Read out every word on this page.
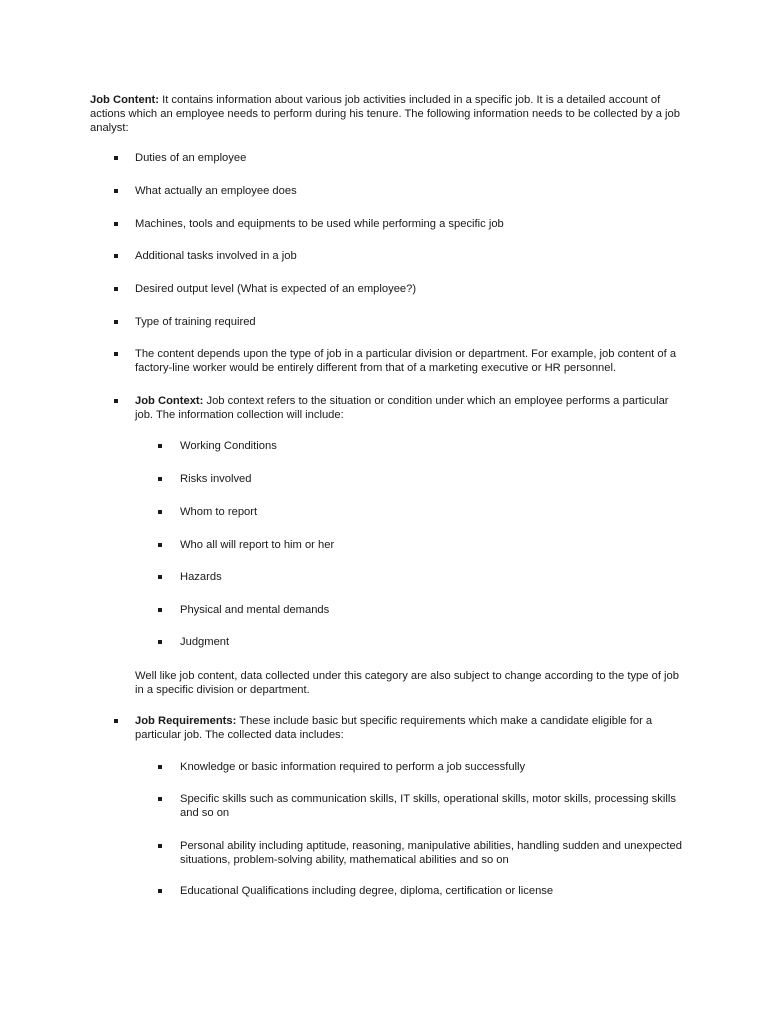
Job Content: It contains information about various job activities included in a specific job. It is a detailed account of actions which an employee needs to perform during his tenure. The following information needs to be collected by a job analyst:

Duties of an employee

What actually an employee does

Machines, tools and equipments to be used while performing a specific job

Additional tasks involved in a job

Desired output level (What is expected of an employee?)

Type of training required

The content depends upon the type of job in a particular division or department. For example, job content of a factory-line worker would be entirely different from that of a marketing executive or HR personnel.

Job Context: Job context refers to the situation or condition under which an employee performs a particular job. The information collection will include:

Working Conditions

Risks involved

Whom to report

Who all will report to him or her

Hazards

Physical and mental demands

Judgment

Well like job content, data collected under this category are also subject to change according to the type of job in a specific division or department.

Job Requirements: These include basic but specific requirements which make a candidate eligible for a particular job. The collected data includes:

Knowledge or basic information required to perform a job successfully

Specific skills such as communication skills, IT skills, operational skills, motor skills, processing skills and so on

Personal ability including aptitude, reasoning, manipulative abilities, handling sudden and unexpected situations, problem-solving ability, mathematical abilities and so on

Educational Qualifications including degree, diploma, certification or license
